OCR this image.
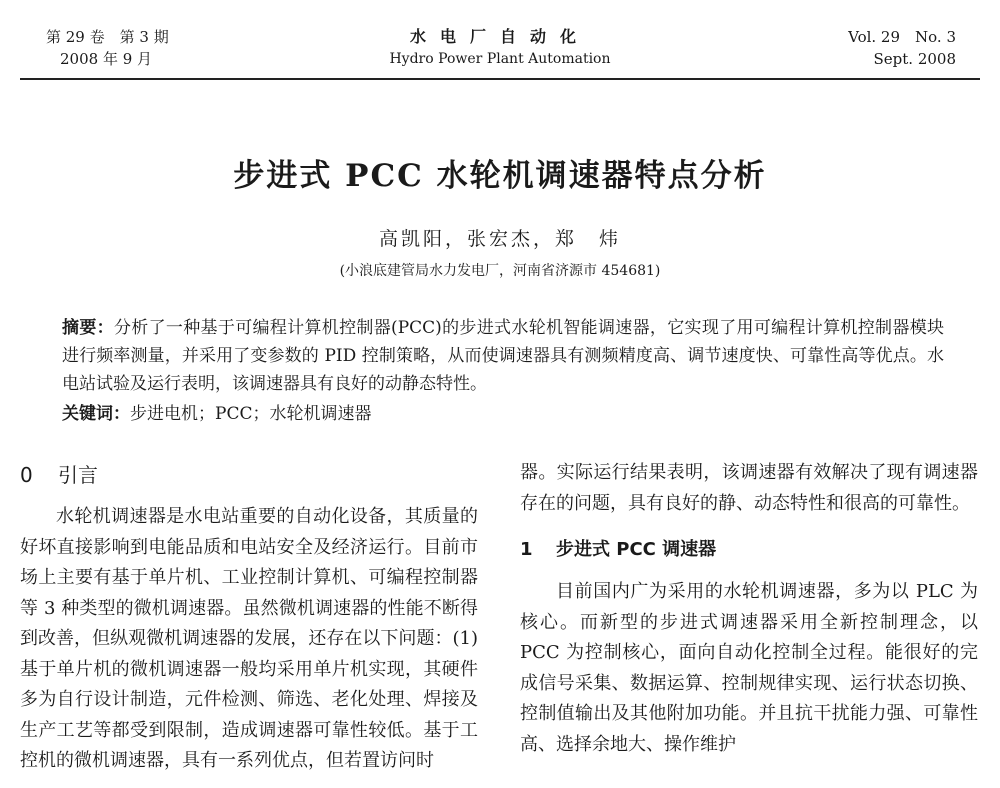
第 29 卷　第 3 期
2008 年 9 月
水电厂自动化
Hydro Power Plant Automation
Vol. 29　No. 3
Sept. 2008
步进式 PCC 水轮机调速器特点分析
高凯阳，张宏杰，郑　炜
(小浪底建管局水力发电厂，河南省济源市 454681)
摘要：分析了一种基于可编程计算机控制器(PCC)的步进式水轮机智能调速器，它实现了用可编程计算机控制器模块进行频率测量，并采用了变参数的 PID 控制策略，从而使调速器具有测频精度高、调节速度快、可靠性高等优点。水电站试验及运行表明，该调速器具有良好的动静态特性。
关键词：步进电机；PCC；水轮机调速器
0 引言

水轮机调速器是水电站重要的自动化设备，其质量的好坏直接影响到电能品质和电站安全及经济运行。目前市场上主要有基于单片机、工业控制计算机、可编程控制器等 3 种类型的微机调速器。虽然微机调速器的性能不断得到改善，但纵观微机调速器的发展，还存在以下问题：(1)基于单片机的微机调速器一般均采用单片机实现，其硬件多为自行设计制造，元件检测、筛选、老化处理、焊接及生产工艺等都受到限制，造成调速器可靠性较低。基于工控机的微机调速器，具有一系列优点，但若置访问时

器。实际运行结果表明，该调速器有效解决了现有调速器存在的问题，具有良好的静、动态特性和很高的可靠性。

1 步进式 PCC 调速器

目前国内广为采用的水轮机调速器，多为以 PLC 为核心。而新型的步进式调速器采用全新控制理念，以 PCC 为控制核心，面向自动化控制全过程。能很好的完成信号采集、数据运算、控制规律实现、运行状态切换、控制值输出及其他附加功能。并且抗干扰能力强、可靠性高、选择余地大、操作维护
